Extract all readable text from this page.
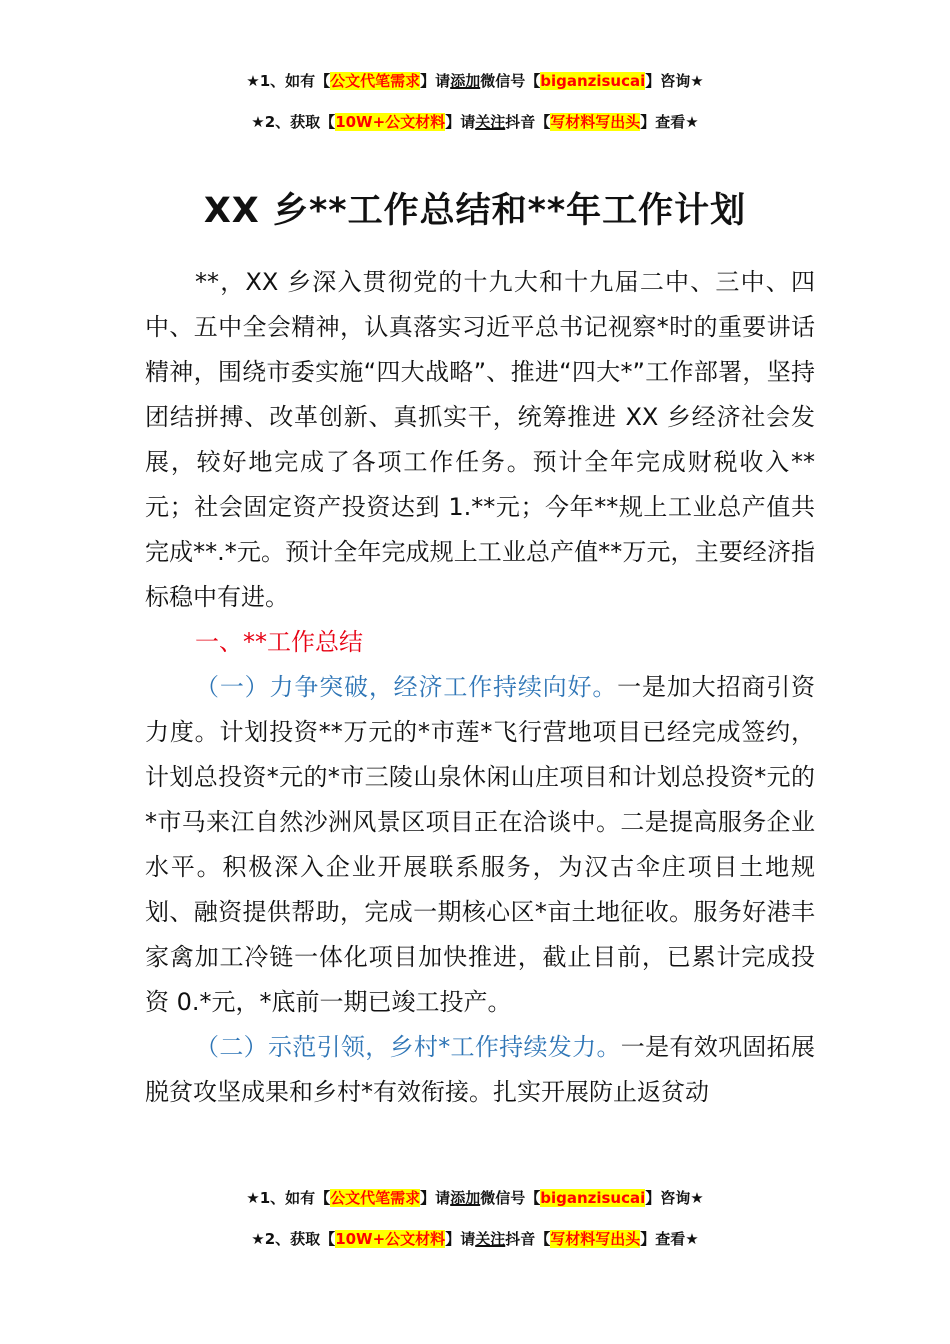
★1、如有【公文代笔需求】请添加微信号【biganzisucai】咨询★
★2、获取【10W+公文材料】请关注抖音【写材料写出头】查看★
XX 乡**工作总结和**年工作计划

**，XX 乡深入贯彻党的十九大和十九届二中、三中、四中、五中全会精神，认真落实习近平总书记视察*时的重要讲话精神，围绕市委实施“四大战略”、推进“四大*”工作部署，坚持团结拼搏、改革创新、真抓实干，统筹推进 XX 乡经济社会发展，较好地完成了各项工作任务。预计全年完成财税收入**元；社会固定资产投资达到 1.**元；今年**规上工业总产值共完成**.*元。预计全年完成规上工业总产值**万元，主要经济指标稳中有进。

一、**工作总结

（一）力争突破，经济工作持续向好。一是加大招商引资力度。计划投资**万元的*市莲*飞行营地项目已经完成签约，计划总投资*元的*市三陵山泉休闲山庄项目和计划总投资*元的*市马来江自然沙洲风景区项目正在洽谈中。二是提高服务企业水平。积极深入企业开展联系服务，为汉古伞庄项目土地规划、融资提供帮助，完成一期核心区*亩土地征收。服务好港丰家禽加工冷链一体化项目加快推进，截止目前，已累计完成投资 0.*元，*底前一期已竣工投产。

（二）示范引领，乡村*工作持续发力。一是有效巩固拓展脱贫攻坚成果和乡村*有效衔接。扎实开展防止返贫动

★1、如有【公文代笔需求】请添加微信号【biganzisucai】咨询★
★2、获取【10W+公文材料】请关注抖音【写材料写出头】查看★
